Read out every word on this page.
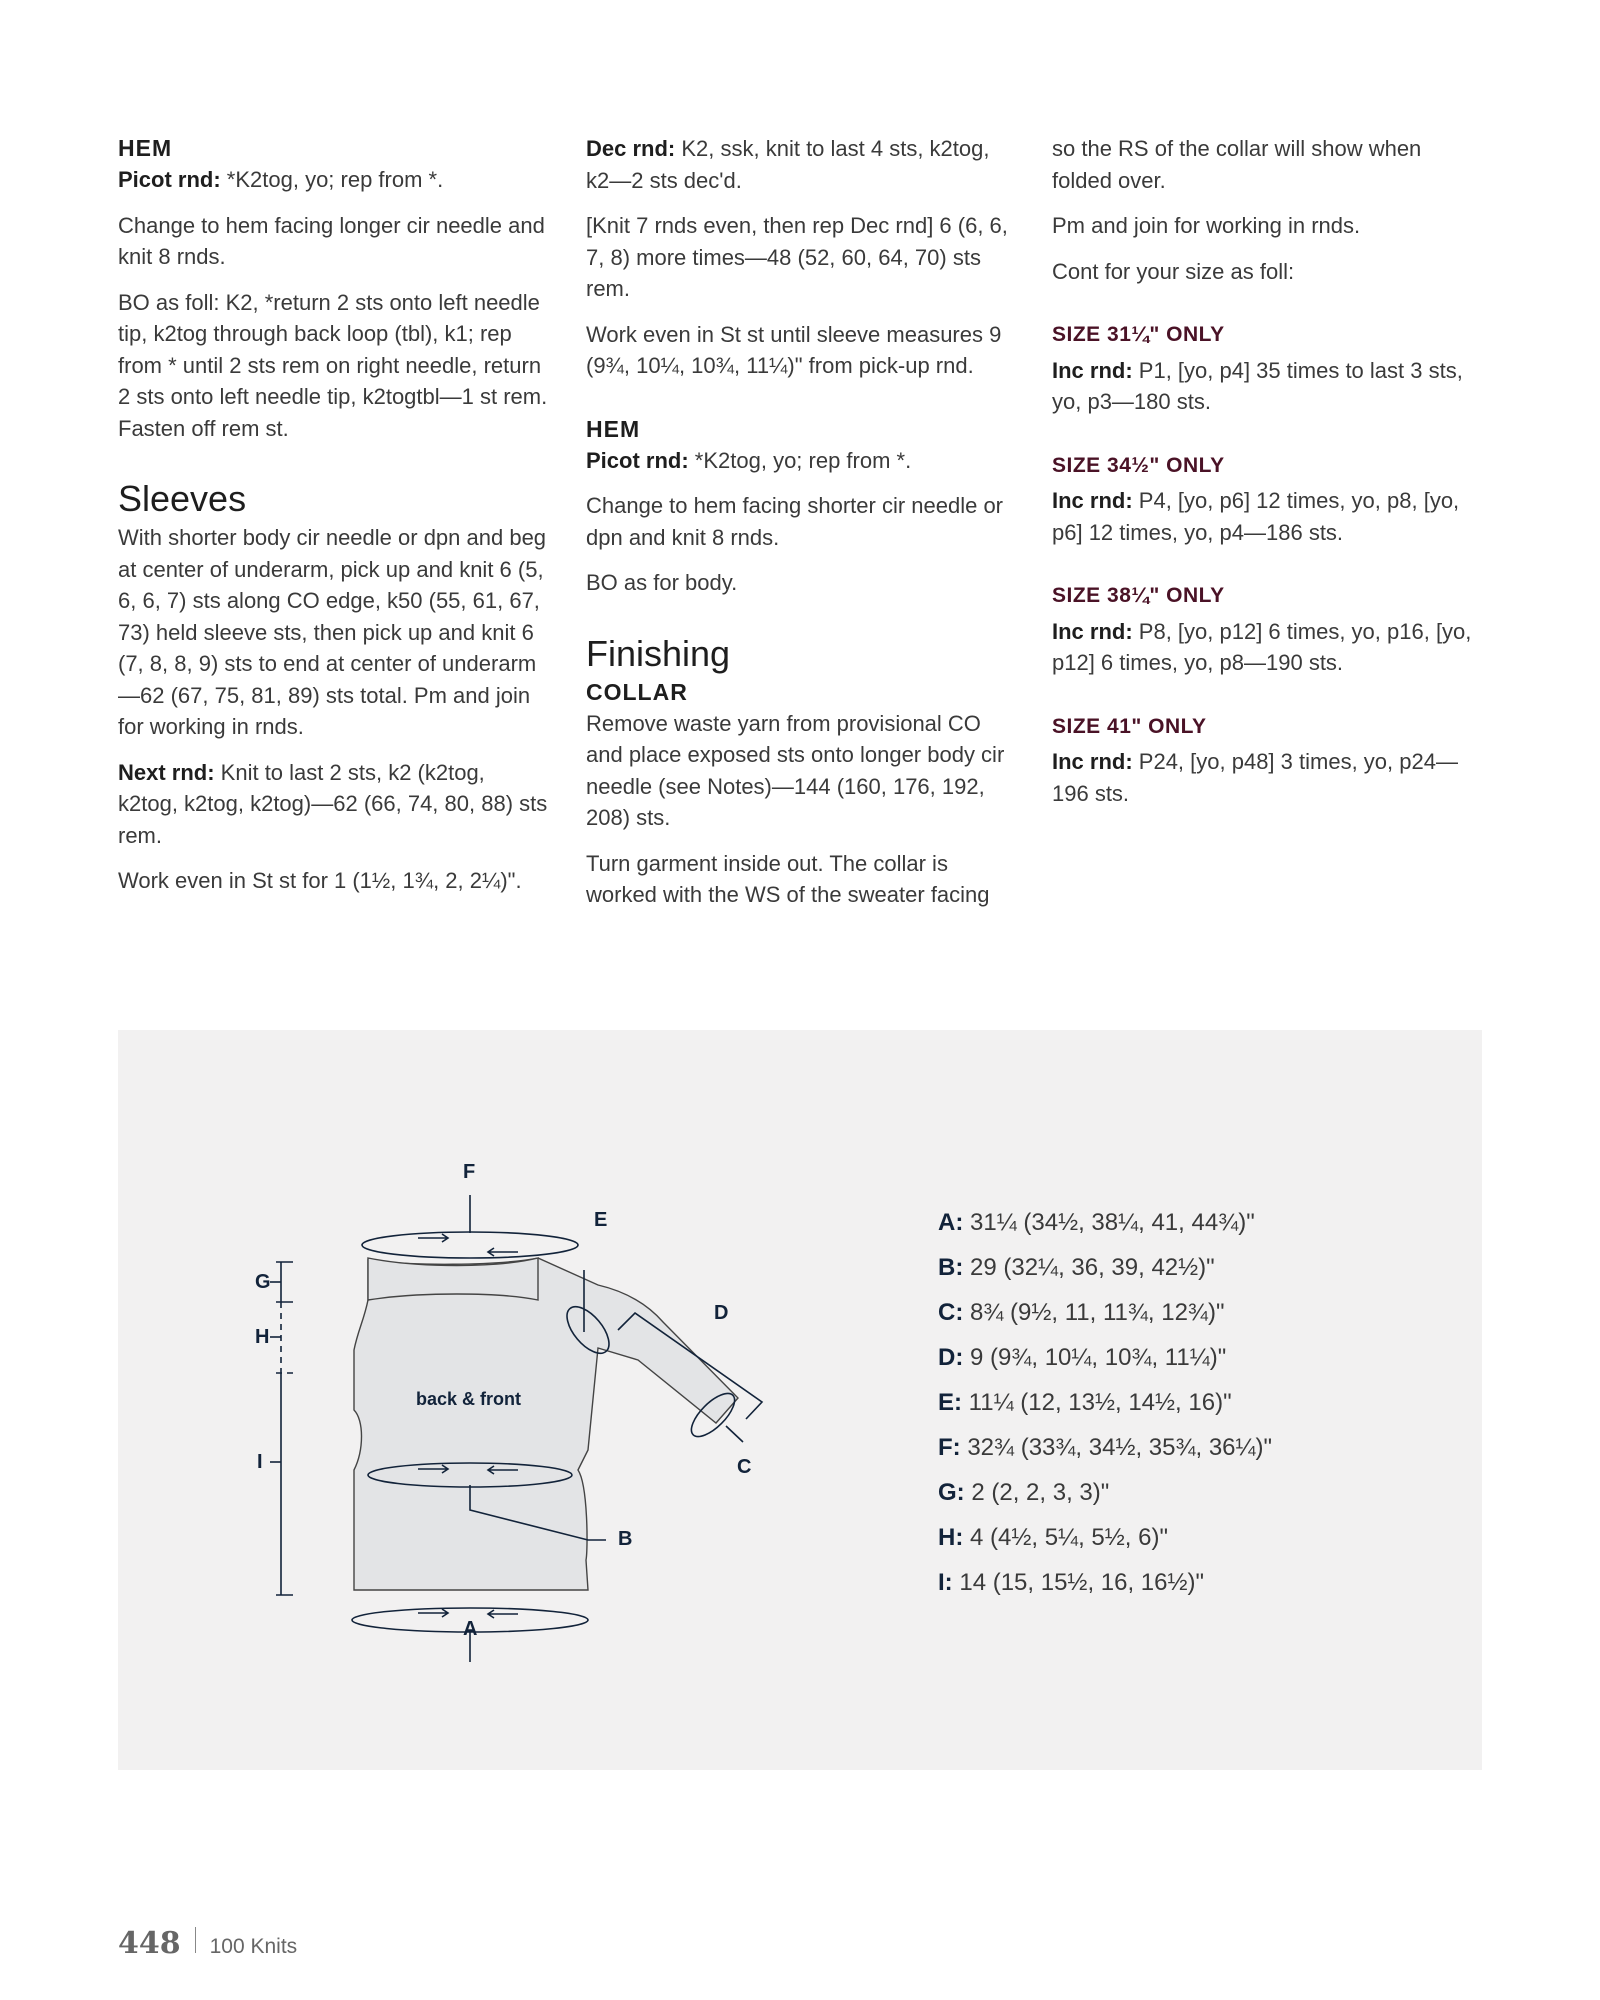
HEM

Picot rnd: *K2tog, yo; rep from *.

Change to hem facing longer cir needle and knit 8 rnds.

BO as foll: K2, *return 2 sts onto left needle tip, k2tog through back loop (tbl), k1; rep from * until 2 sts rem on right needle, return 2 sts onto left needle tip, k2togtbl—1 st rem. Fasten off rem st.

Sleeves

With shorter body cir needle or dpn and beg at center of underarm, pick up and knit 6 (5, 6, 6, 7) sts along CO edge, k50 (55, 61, 67, 73) held sleeve sts, then pick up and knit 6 (7, 8, 8, 9) sts to end at center of underarm—62 (67, 75, 81, 89) sts total. Pm and join for working in rnds.

Next rnd: Knit to last 2 sts, k2 (k2tog, k2tog, k2tog, k2tog)—62 (66, 74, 80, 88) sts rem.

Work even in St st for 1 (1½, 1¾, 2, 2¼)".

Dec rnd: K2, ssk, knit to last 4 sts, k2tog, k2—2 sts dec'd.

[Knit 7 rnds even, then rep Dec rnd] 6 (6, 6, 7, 8) more times—48 (52, 60, 64, 70) sts rem.

Work even in St st until sleeve measures 9 (9¾, 10¼, 10¾, 11¼)" from pick-up rnd.

HEM

Picot rnd: *K2tog, yo; rep from *.

Change to hem facing shorter cir needle or dpn and knit 8 rnds.

BO as for body.

Finishing
COLLAR

Remove waste yarn from provisional CO and place exposed sts onto longer body cir needle (see Notes)—144 (160, 176, 192, 208) sts.

Turn garment inside out. The collar is worked with the WS of the sweater facing

so the RS of the collar will show when folded over.

Pm and join for working in rnds.

Cont for your size as foll:

SIZE 31¼" ONLY

Inc rnd: P1, [yo, p4] 35 times to last 3 sts, yo, p3—180 sts.

SIZE 34½" ONLY

Inc rnd: P4, [yo, p6] 12 times, yo, p8, [yo, p6] 12 times, yo, p4—186 sts.

SIZE 38¼" ONLY

Inc rnd: P8, [yo, p12] 6 times, yo, p16, [yo, p12] 6 times, yo, p8—190 sts.

SIZE 41" ONLY

Inc rnd: P24, [yo, p48] 3 times, yo, p24—196 sts.

F
E
D
C
B
A
G
H
I
back & front
A: 31¼ (34½, 38¼, 41, 44¾)"
B: 29 (32¼, 36, 39, 42½)"
C: 8¾ (9½, 11, 11¾, 12¾)"
D: 9 (9¾, 10¼, 10¾, 11¼)"
E: 11¼ (12, 13½, 14½, 16)"
F: 32¾ (33¾, 34½, 35¾, 36¼)"
G: 2 (2, 2, 3, 3)"
H: 4 (4½, 5¼, 5½, 6)"
I: 14 (15, 15½, 16, 16½)"
448 100 Knits
